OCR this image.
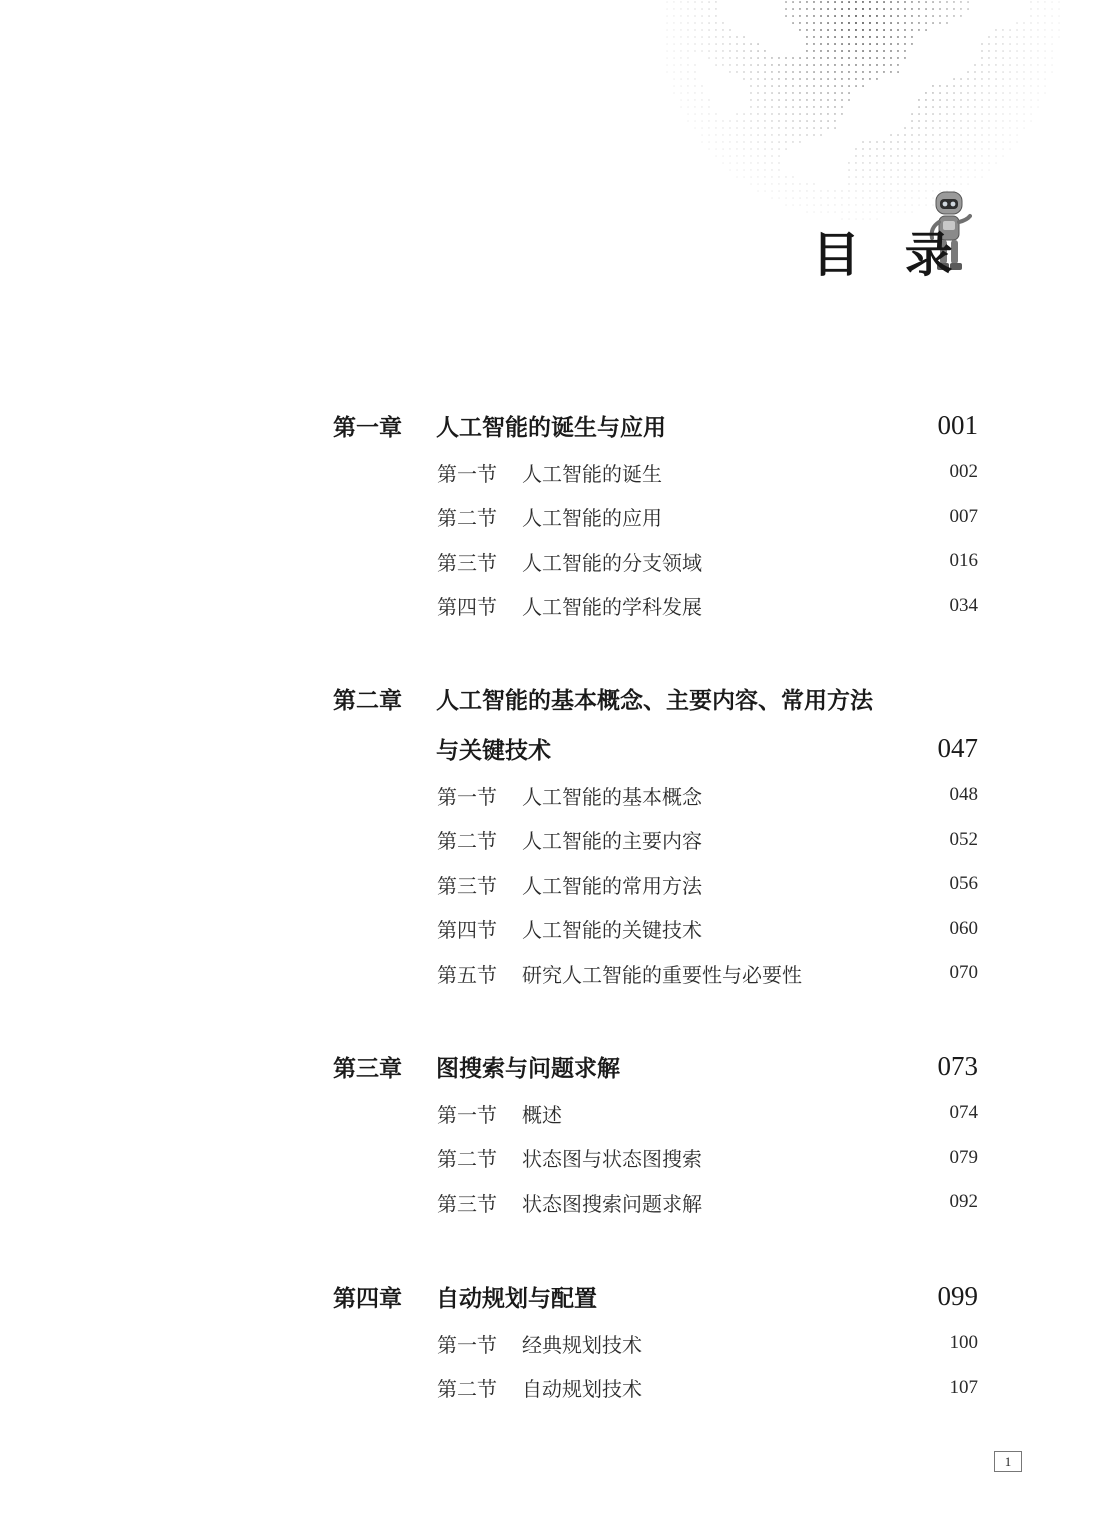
目 录
第一章	人工智能的诞生与应用	001
第一节	人工智能的诞生	002
第二节	人工智能的应用	007
第三节	人工智能的分支领域	016
第四节	人工智能的学科发展	034
第二章	人工智能的基本概念、主要内容、常用方法
与关键技术	047
第一节	人工智能的基本概念	048
第二节	人工智能的主要内容	052
第三节	人工智能的常用方法	056
第四节	人工智能的关键技术	060
第五节	研究人工智能的重要性与必要性	070
第三章	图搜索与问题求解	073
第一节	概述	074
第二节	状态图与状态图搜索	079
第三节	状态图搜索问题求解	092
第四章	自动规划与配置	099
第一节	经典规划技术	100
第二节	自动规划技术	107
1
